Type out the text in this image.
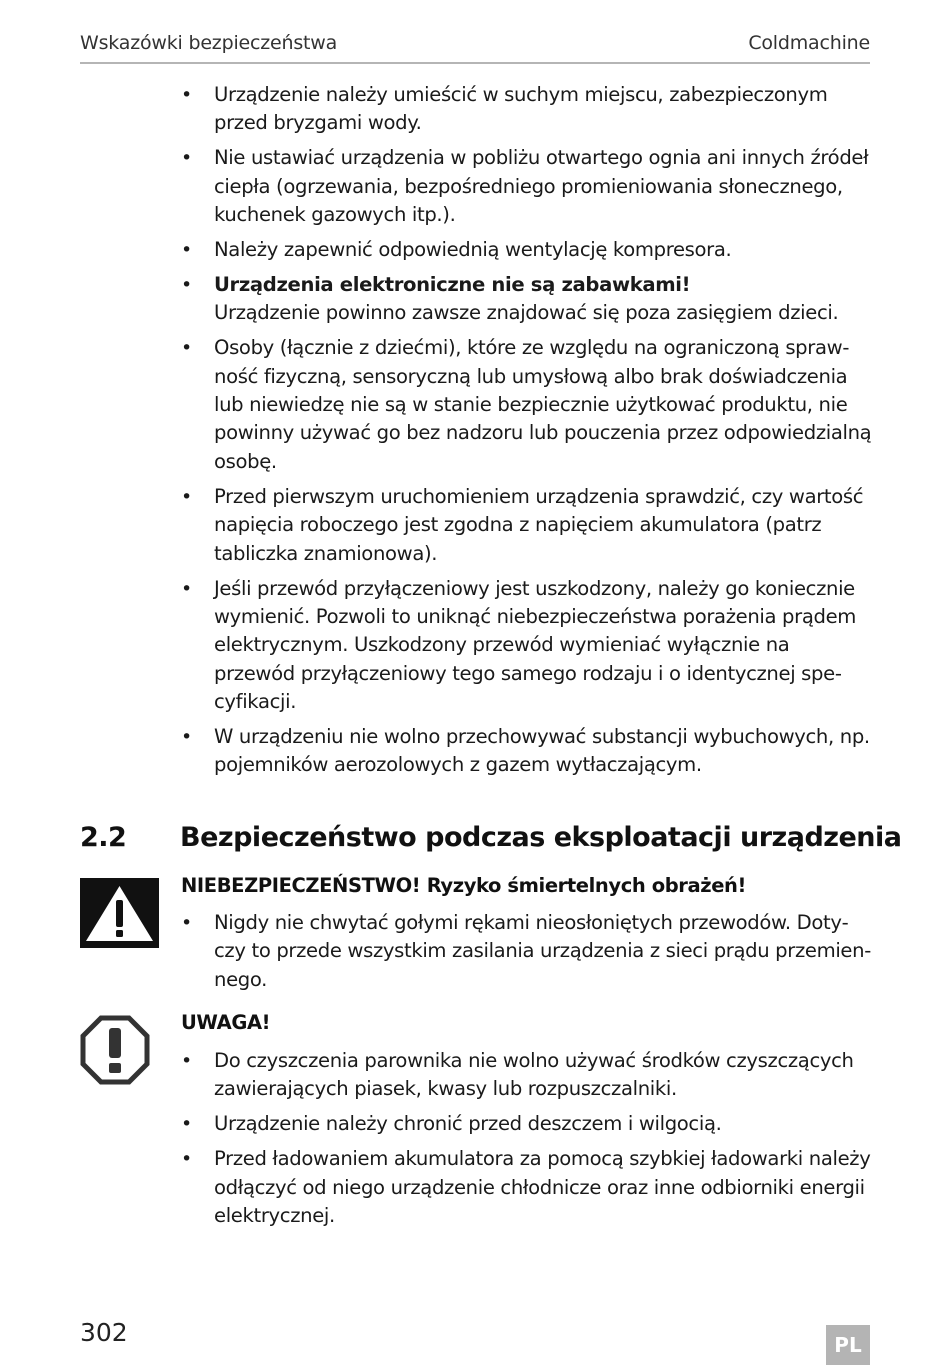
Wskazówki bezpieczeństwa	Coldmachine
• Urządzenie należy umieścić w suchym miejscu, zabezpieczonym przed bryzgami wody.
• Nie ustawiać urządzenia w pobliżu otwartego ognia ani innych źródeł ciepła (ogrzewania, bezpośredniego promieniowania słonecznego, kuchenek gazowych itp.).
• Należy zapewnić odpowiednią wentylację kompresora.
• Urządzenia elektroniczne nie są zabawkami!
Urządzenie powinno zawsze znajdować się poza zasięgiem dzieci.
• Osoby (łącznie z dziećmi), które ze względu na ograniczoną sprawność fizyczną, sensoryczną lub umysłową albo brak doświadczenia lub niewiedzę nie są w stanie bezpiecznie użytkować produktu, nie powinny używać go bez nadzoru lub pouczenia przez odpowiedzialną osobę.
• Przed pierwszym uruchomieniem urządzenia sprawdzić, czy wartość napięcia roboczego jest zgodna z napięciem akumulatora (patrz tabliczka znamionowa).
• Jeśli przewód przyłączeniowy jest uszkodzony, należy go koniecznie wymienić. Pozwoli to uniknąć niebezpieczeństwa porażenia prądem elektrycznym. Uszkodzony przewód wymieniać wyłącznie na przewód przyłączeniowy tego samego rodzaju i o identycznej specyfikacji.
• W urządzeniu nie wolno przechowywać substancji wybuchowych, np. pojemników aerozolowych z gazem wytłaczającym.
2.2 Bezpieczeństwo podczas eksploatacji urządzenia
NIEBEZPIECZEŃSTWO! Ryzyko śmiertelnych obrażeń!
• Nigdy nie chwytać gołymi rękami nieosłoniętych przewodów. Dotyczy to przede wszystkim zasilania urządzenia z sieci prądu przemiennego.
UWAGA!
• Do czyszczenia parownika nie wolno używać środków czyszczących zawierających piasek, kwasy lub rozpuszczalniki.
• Urządzenie należy chronić przed deszczem i wilgocią.
• Przed ładowaniem akumulatora za pomocą szybkiej ładowarki należy odłączyć od niego urządzenie chłodnicze oraz inne odbiorniki energii elektrycznej.
302	PL
